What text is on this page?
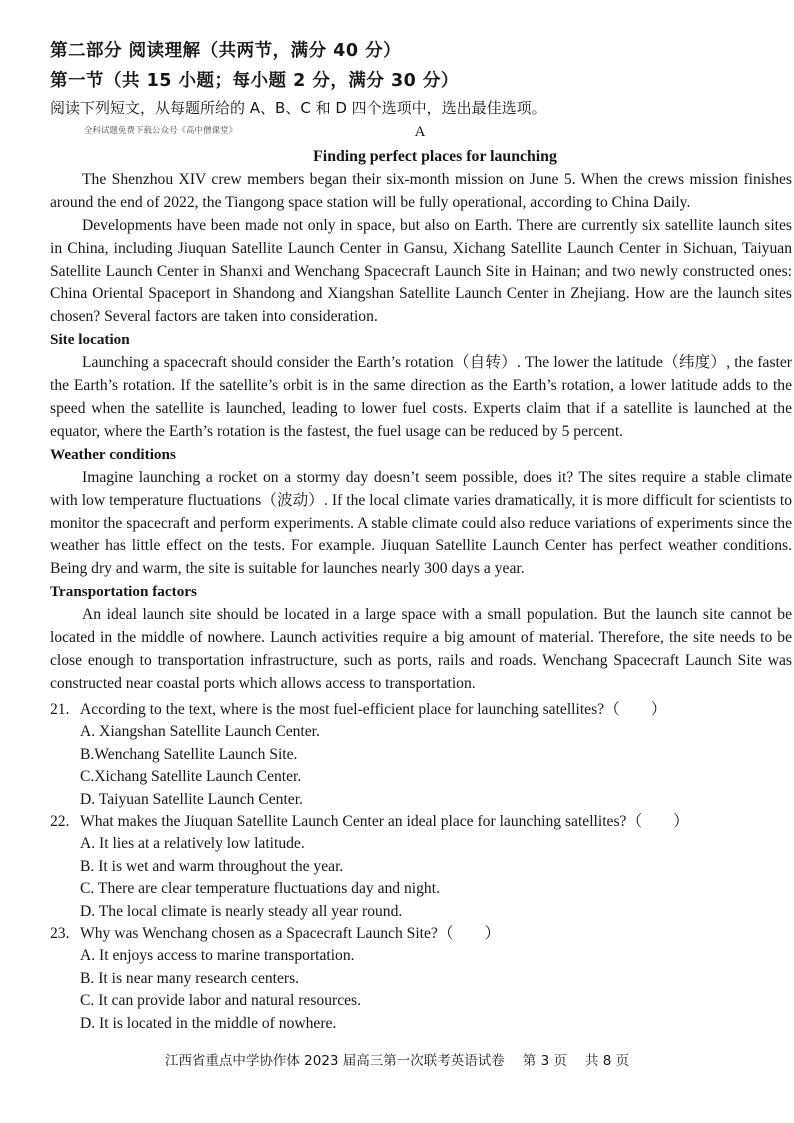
第二部分 阅读理解（共两节，满分 40 分）
第一节（共 15 小题；每小题 2 分，满分 30 分）
阅读下列短文，从每题所给的 A、B、C 和 D 四个选项中，选出最佳选项。
全科试题免费下载公众号《高中僧课堂》	A
Finding perfect places for launching

The Shenzhou XIV crew members began their six-month mission on June 5. When the crews mission finishes around the end of 2022, the Tiangong space station will be fully operational, according to China Daily.

Developments have been made not only in space, but also on Earth. There are currently six satellite launch sites in China, including Jiuquan Satellite Launch Center in Gansu, Xichang Satellite Launch Center in Sichuan, Taiyuan Satellite Launch Center in Shanxi and Wenchang Spacecraft Launch Site in Hainan; and two newly constructed ones: China Oriental Spaceport in Shandong and Xiangshan Satellite Launch Center in Zhejiang. How are the launch sites chosen? Several factors are taken into consideration.

Site location

Launching a spacecraft should consider the Earth’s rotation（自转）. The lower the latitude（纬度）, the faster the Earth’s rotation. If the satellite’s orbit is in the same direction as the Earth’s rotation, a lower latitude adds to the speed when the satellite is launched, leading to lower fuel costs. Experts claim that if a satellite is launched at the equator, where the Earth’s rotation is the fastest, the fuel usage can be reduced by 5 percent.

Weather conditions

Imagine launching a rocket on a stormy day doesn’t seem possible, does it? The sites require a stable climate with low temperature fluctuations（波动）. If the local climate varies dramatically, it is more difficult for scientists to monitor the spacecraft and perform experiments. A stable climate could also reduce variations of experiments since the weather has little effect on the tests. For example. Jiuquan Satellite Launch Center has perfect weather conditions. Being dry and warm, the site is suitable for launches nearly 300 days a year.

Transportation factors

An ideal launch site should be located in a large space with a small population. But the launch site cannot be located in the middle of nowhere. Launch activities require a big amount of material. Therefore, the site needs to be close enough to transportation infrastructure, such as ports, rails and roads. Wenchang Spacecraft Launch Site was constructed near coastal ports which allows access to transportation.

21. According to the text, where is the most fuel-efficient place for launching satellites?（　　）
A. Xiangshan Satellite Launch Center.
B.Wenchang Satellite Launch Site.
C.Xichang Satellite Launch Center.
D. Taiyuan Satellite Launch Center.
22. What makes the Jiuquan Satellite Launch Center an ideal place for launching satellites?（　　）
A. It lies at a relatively low latitude.
B. It is wet and warm throughout the year.
C. There are clear temperature fluctuations day and night.
D. The local climate is nearly steady all year round.
23. Why was Wenchang chosen as a Spacecraft Launch Site?（　　）
A. It enjoys access to marine transportation.
B. It is near many research centers.
C. It can provide labor and natural resources.
D. It is located in the middle of nowhere.
江西省重点中学协作体 2023 届高三第一次联考英语试卷 第 3 页 共 8 页
